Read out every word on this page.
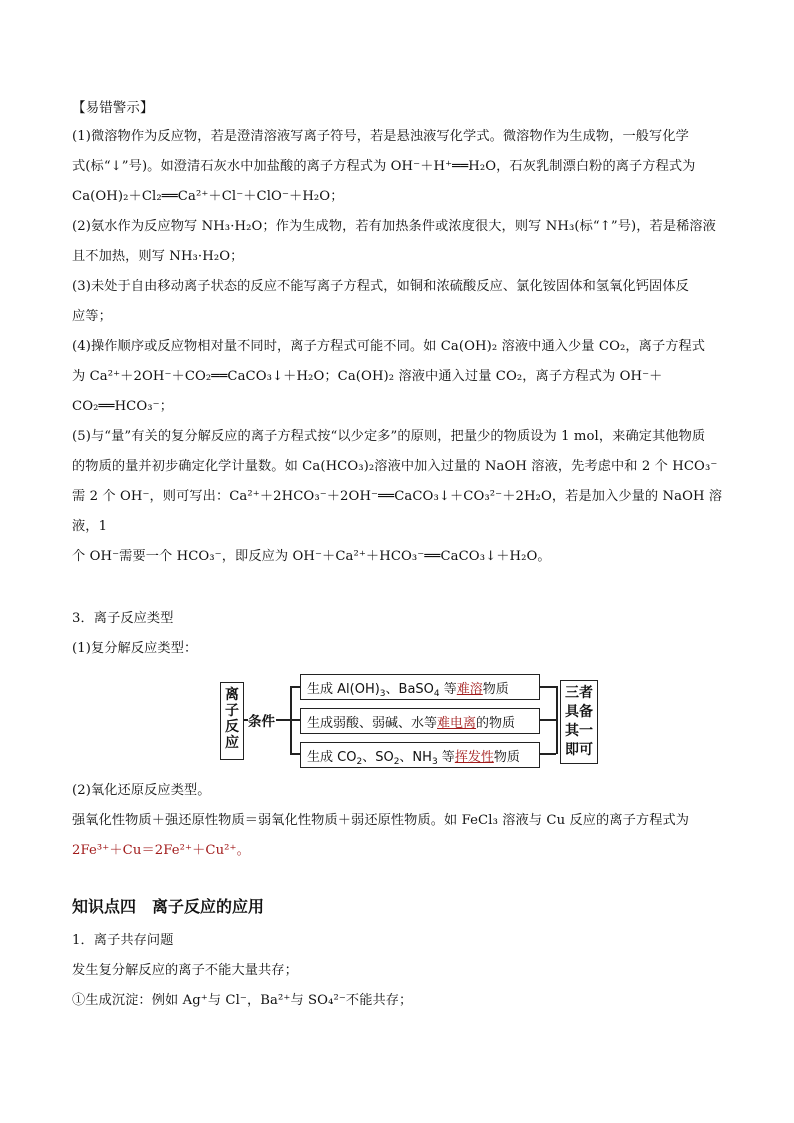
【易错警示】

(1)微溶物作为反应物，若是澄清溶液写离子符号，若是悬浊液写化学式。微溶物作为生成物，一般写化学

式(标“↓”号)。如澄清石灰水中加盐酸的离子方程式为 OH⁻＋H⁺══H₂O，石灰乳制漂白粉的离子方程式为

Ca(OH)₂＋Cl₂══Ca²⁺＋Cl⁻＋ClO⁻＋H₂O；

(2)氨水作为反应物写 NH₃·H₂O；作为生成物，若有加热条件或浓度很大，则写 NH₃(标“↑”号)，若是稀溶液

且不加热，则写 NH₃·H₂O；

(3)未处于自由移动离子状态的反应不能写离子方程式，如铜和浓硫酸反应、氯化铵固体和氢氧化钙固体反

应等；

(4)操作顺序或反应物相对量不同时，离子方程式可能不同。如 Ca(OH)₂ 溶液中通入少量 CO₂，离子方程式

为 Ca²⁺＋2OH⁻＋CO₂══CaCO₃↓＋H₂O；Ca(OH)₂ 溶液中通入过量 CO₂，离子方程式为 OH⁻＋

CO₂══HCO₃⁻；

(5)与“量”有关的复分解反应的离子方程式按“以少定多”的原则，把量少的物质设为 1 mol，来确定其他物质

的物质的量并初步确定化学计量数。如 Ca(HCO₃)₂溶液中加入过量的 NaOH 溶液，先考虑中和 2 个 HCO₃⁻

需 2 个 OH⁻，则可写出：Ca²⁺＋2HCO₃⁻＋2OH⁻══CaCO₃↓＋CO₃²⁻＋2H₂O，若是加入少量的 NaOH 溶液，1

个 OH⁻需要一个 HCO₃⁻，即反应为 OH⁻＋Ca²⁺＋HCO₃⁻══CaCO₃↓＋H₂O。

3．离子反应类型

(1)复分解反应类型：

离子反应
条件
生成 $Al(OH)_3$、BaSO$_4$ 等难溶物质
生成弱酸、弱碱、水等难电离的物质
生成 $CO_2$、$SO_2$、$NH_3$ 等挥发性物质
三者具备其一即可

(2)氧化还原反应类型。

强氧化性物质＋强还原性物质＝弱氧化性物质＋弱还原性物质。如 FeCl₃ 溶液与 Cu 反应的离子方程式为

2Fe³⁺＋Cu＝2Fe²⁺＋Cu²⁺。

知识点四　离子反应的应用

1．离子共存问题

发生复分解反应的离子不能大量共存；

①生成沉淀：例如 Ag⁺与 Cl⁻，Ba²⁺与 SO₄²⁻不能共存；
